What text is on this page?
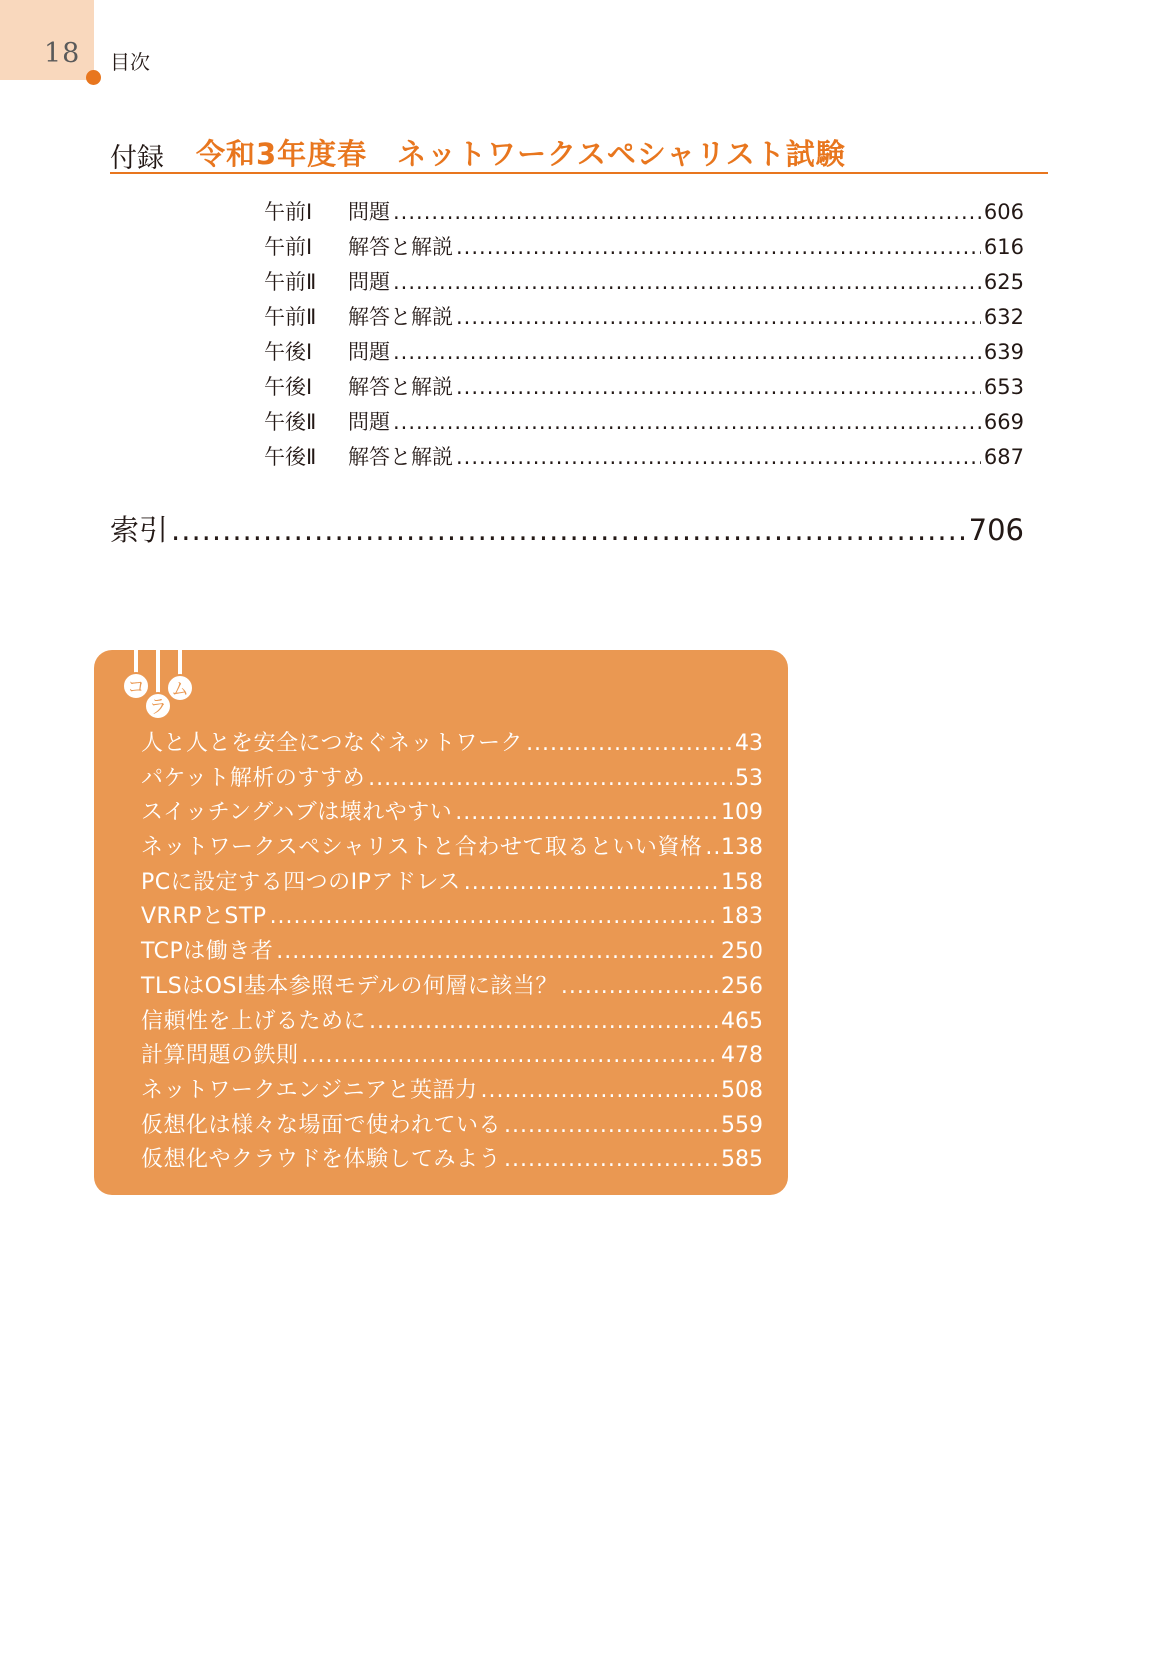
18 目次
付録 令和3年度春　ネットワークスペシャリスト試験
午前Ⅰ	問題 .....	606
午前Ⅰ	解答と解説 .....	616
午前Ⅱ	問題 .....	625
午前Ⅱ	解答と解説 .....	632
午後Ⅰ	問題 .....	639
午後Ⅰ	解答と解説 .....	653
午後Ⅱ	問題 .....	669
午後Ⅱ	解答と解説 .....	687
索引 .....	706
コ
ラ
ム
人と人とを安全につなぐネットワーク .....	43
パケット解析のすすめ .....	53
スイッチングハブは壊れやすい .....	109
ネットワークスペシャリストと合わせて取るといい資格 ..... 138
PCに設定する四つのIPアドレス .....	158
VRRPとSTP .....	183
TCPは働き者 .....	250
TLSはOSI基本参照モデルの何層に該当？ .....	256
信頼性を上げるために .....	465
計算問題の鉄則 .....	478
ネットワークエンジニアと英語力 .....	508
仮想化は様々な場面で使われている .....	559
仮想化やクラウドを体験してみよう .....	585
